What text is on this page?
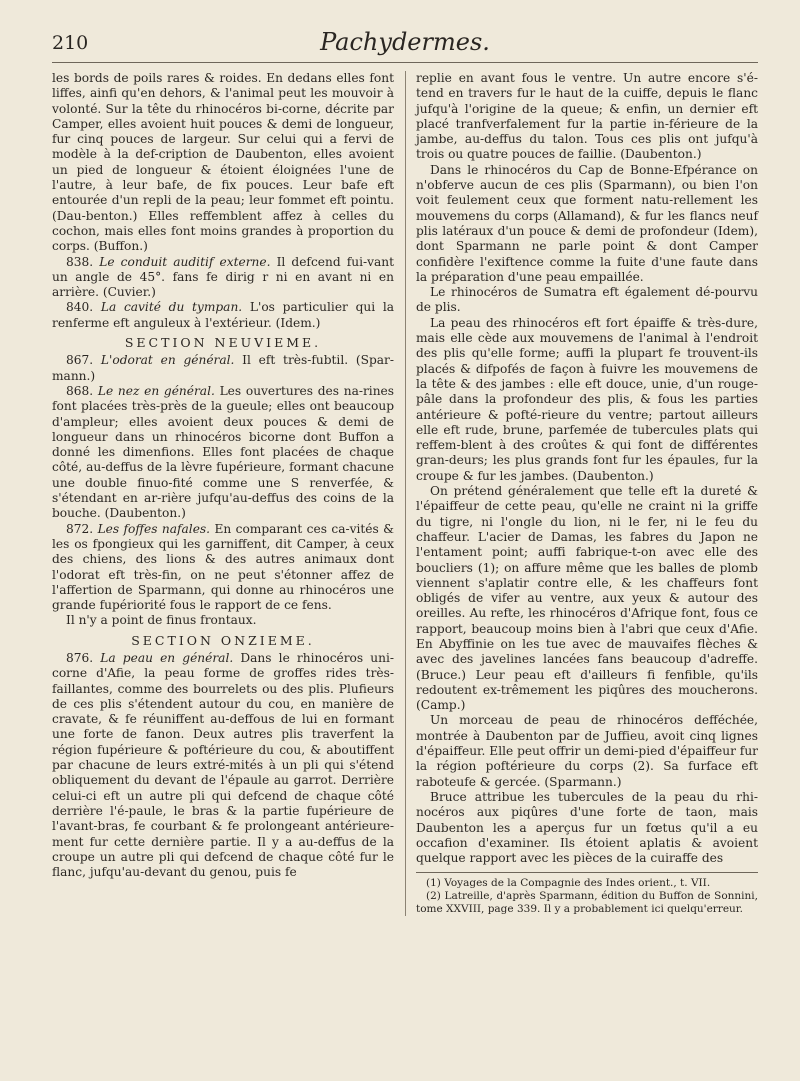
210	Pachydermes.

les bords de poils rares & roides. En dedans elles font liffes, ainfi qu'en dehors, & l'animal peut les mouvoir à volonté. Sur la tête du rhinocéros bi-corne, décrite par Camper, elles avoient huit pouces & demi de longueur, fur cinq pouces de largeur. Sur celui qui a fervi de modèle à la def-cription de Daubenton, elles avoient un pied de longueur & étoient éloignées l'une de l'autre, à leur bafe, de fix pouces. Leur bafe eft entourée d'un repli de la peau; leur fommet eft pointu. (Dau-benton.) Elles reffemblent affez à celles du cochon, mais elles font moins grandes à proportion du corps. (Buffon.)

838. Le conduit auditif externe. Il defcend fui-vant un angle de 45°. fans fe dirig r ni en avant ni en arrière. (Cuvier.)

840. La cavité du tympan. L'os particulier qui la renferme eft anguleux à l'extérieur. (Idem.)

SECTION NEUVIEME.

867. L'odorat en général. Il eft très-fubtil. (Spar-mann.)

868. Le nez en général. Les ouvertures des na-rines font placées très-près de la gueule; elles ont beaucoup d'ampleur; elles avoient deux pouces & demi de longueur dans un rhinocéros bicorne dont Buffon a donné les dimenfions. Elles font placées de chaque côté, au-deffus de la lèvre fupérieure, formant chacune une double finuo-fité comme une S renverfée, & s'étendant en ar-rière jufqu'au-deffus des coins de la bouche. (Daubenton.)

872. Les foffes nafales. En comparant ces ca-vités & les os fpongieux qui les garniffent, dit Camper, à ceux des chiens, des lions & des autres animaux dont l'odorat eft très-fin, on ne peut s'étonner affez de l'affertion de Sparmann, qui donne au rhinocéros une grande fupériorité fous le rapport de ce fens.

Il n'y a point de finus frontaux.

SECTION ONZIEME.

876. La peau en général. Dans le rhinocéros uni-corne d'Afie, la peau forme de groffes rides très-faillantes, comme des bourrelets ou des plis. Plufieurs de ces plis s'étendent autour du cou, en manière de cravate, & fe réuniffent au-deffous de lui en formant une forte de fanon. Deux autres plis traverfent la région fupérieure & poftérieure du cou, & aboutiffent par chacune de leurs extré-mités à un pli qui s'étend obliquement du devant de l'épaule au garrot. Derrière celui-ci eft un autre pli qui defcend de chaque côté derrière l'é-paule, le bras & la partie fupérieure de l'avant-bras, fe courbant & fe prolongeant antérieure-ment fur cette dernière partie. Il y a au-deffus de la croupe un autre pli qui defcend de chaque côté fur le flanc, jufqu'au-devant du genou, puis fe

replie en avant fous le ventre. Un autre encore s'é-tend en travers fur le haut de la cuiffe, depuis le flanc jufqu'à l'origine de la queue; & enfin, un dernier eft placé tranfverfalement fur la partie in-férieure de la jambe, au-deffus du talon. Tous ces plis ont jufqu'à trois ou quatre pouces de faillie. (Daubenton.)

Dans le rhinocéros du Cap de Bonne-Efpérance on n'obferve aucun de ces plis (Sparmann), ou bien l'on voit feulement ceux que forment natu-rellement les mouvemens du corps (Allamand), & fur les flancs neuf plis latéraux d'un pouce & demi de profondeur (Idem), dont Sparmann ne parle point & dont Camper confidère l'exiftence comme la fuite d'une faute dans la préparation d'une peau empaillée.

Le rhinocéros de Sumatra eft également dé-pourvu de plis.

La peau des rhinocéros eft fort épaiffe & très-dure, mais elle cède aux mouvemens de l'animal à l'endroit des plis qu'elle forme; auffi la plupart fe trouvent-ils placés & difpofés de façon à fuivre les mouvemens de la tête & des jambes : elle eft douce, unie, d'un rouge-pâle dans la profondeur des plis, & fous les parties antérieure & pofté-rieure du ventre; partout ailleurs elle eft rude, brune, parfemée de tubercules plats qui reffem-blent à des croûtes & qui font de différentes gran-deurs; les plus grands font fur les épaules, fur la croupe & fur les jambes. (Daubenton.)

On prétend généralement que telle eft la dureté & l'épaiffeur de cette peau, qu'elle ne craint ni la griffe du tigre, ni l'ongle du lion, ni le fer, ni le feu du chaffeur. L'acier de Damas, les fabres du Japon ne l'entament point; auffi fabrique-t-on avec elle des boucliers (1); on affure même que les balles de plomb viennent s'aplatir contre elle, & les chaffeurs font obligés de vifer au ventre, aux yeux & autour des oreilles. Au refte, les rhinocéros d'Afrique font, fous ce rapport, beaucoup moins bien à l'abri que ceux d'Afie. En Abyffinie on les tue avec de mauvaifes flèches & avec des javelines lancées fans beaucoup d'adreffe. (Bruce.) Leur peau eft d'ailleurs fi fenfible, qu'ils redoutent ex-trêmement les piqûres des moucherons. (Camp.)

Un morceau de peau de rhinocéros defféchée, montrée à Daubenton par de Juffieu, avoit cinq lignes d'épaiffeur. Elle peut offrir un demi-pied d'épaiffeur fur la région poftérieure du corps (2). Sa furface eft raboteufe & gercée. (Sparmann.)

Bruce attribue les tubercules de la peau du rhi-nocéros aux piqûres d'une forte de taon, mais Daubenton les a aperçus fur un fœtus qu'il a eu occafion d'examiner. Ils étoient aplatis & avoient quelque rapport avec les pièces de la cuiraffe des

(1) Voyages de la Compagnie des Indes orient., t. VII.

(2) Latreille, d'après Sparmann, édition du Buffon de Sonnini, tome XXVIII, page 339. Il y a probablement ici quelqu'erreur.
